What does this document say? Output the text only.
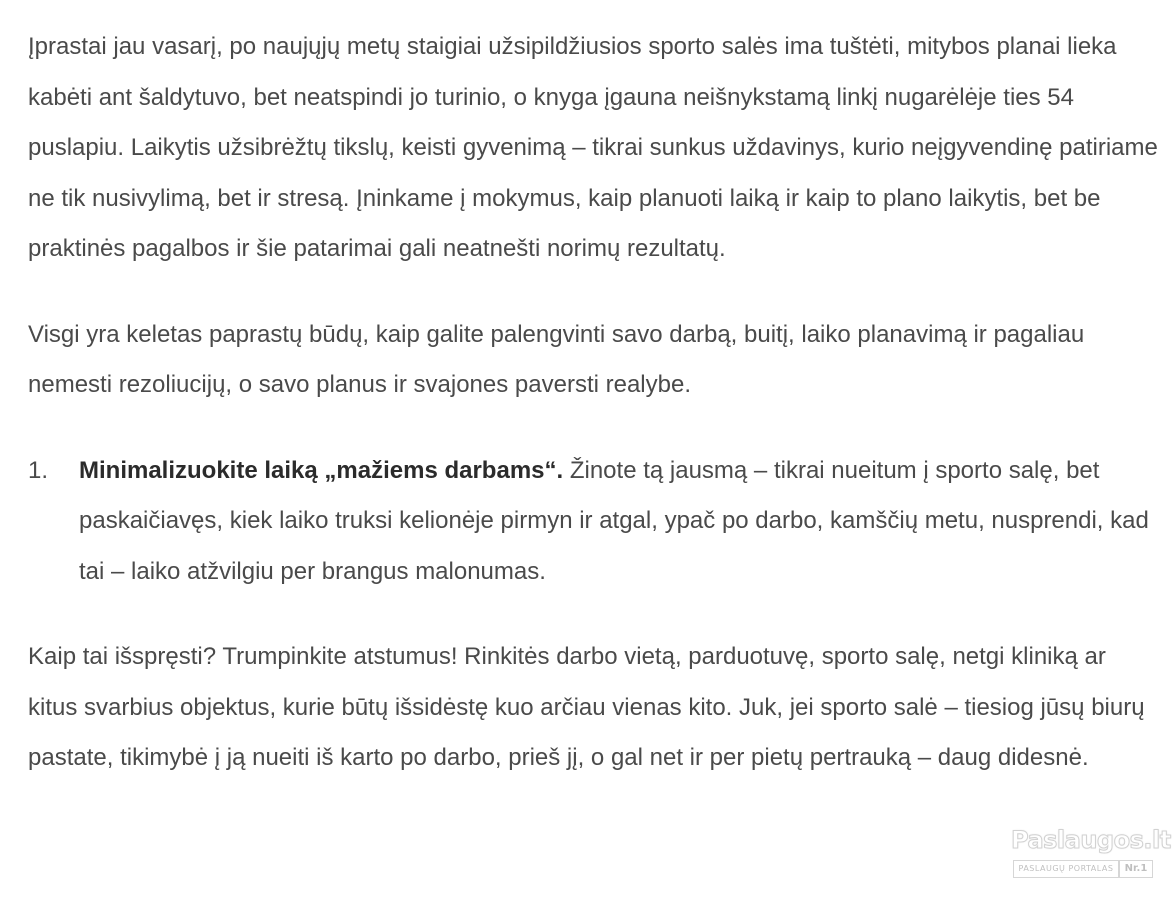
Įprastai jau vasarį, po naujųjų metų staigiai užsipildžiusios sporto salės ima tuštėti, mitybos planai lieka kabėti ant šaldytuvo, bet neatspindi jo turinio, o knyga įgauna neišnykstamą linkį nugarėlėje ties 54 puslapiu. Laikytis užsibrėžtų tikslų, keisti gyvenimą – tikrai sunkus uždavinys, kurio neįgyvendinę patiriame ne tik nusivylimą, bet ir stresą. Įninkame į mokymus, kaip planuoti laiką ir kaip to plano laikytis, bet be praktinės pagalbos ir šie patarimai gali neatnešti norimų rezultatų.

Visgi yra keletas paprastų būdų, kaip galite palengvinti savo darbą, buitį, laiko planavimą ir pagaliau nemesti rezoliucijų, o savo planus ir svajones paversti realybe.

1. Minimalizuokite laiką „mažiems darbams“. Žinote tą jausmą – tikrai nueitum į sporto salę, bet paskaičiavęs, kiek laiko truksi kelionėje pirmyn ir atgal, ypač po darbo, kamščių metu, nusprendi, kad tai – laiko atžvilgiu per brangus malonumas.

Kaip tai išspręsti? Trumpinkite atstumus! Rinkitės darbo vietą, parduotuvę, sporto salę, netgi kliniką ar kitus svarbius objektus, kurie būtų išsidėstę kuo arčiau vienas kito. Juk, jei sporto salė – tiesiog jūsų biurų pastate, tikimybė į ją nueiti iš karto po darbo, prieš jį, o gal net ir per pietų pertrauką – daug didesnė.

Paslaugos.lt
PASLAUGŲ PORTALAS	Nr.1
